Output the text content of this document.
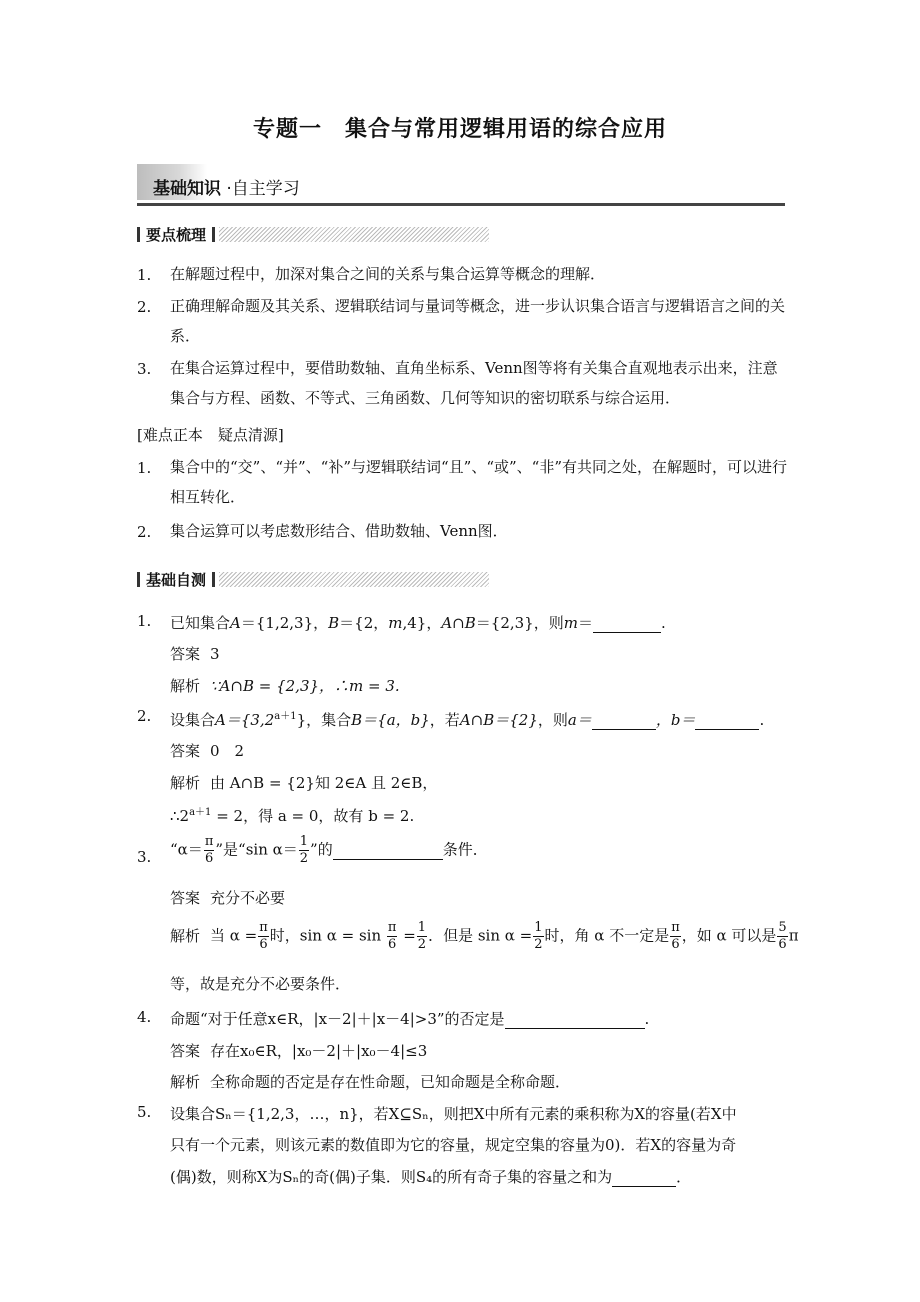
专题一　集合与常用逻辑用语的综合应用
基础知识 ·自主学习
要点梳理
1. 在解题过程中，加深对集合之间的关系与集合运算等概念的理解．
2. 正确理解命题及其关系、逻辑联结词与量词等概念，进一步认识集合语言与逻辑语言之间的关系．
3. 在集合运算过程中，要借助数轴、直角坐标系、Venn图等将有关集合直观地表示出来，注意集合与方程、函数、不等式、三角函数、几何等知识的密切联系与综合运用．
[难点正本　疑点清源]
1. 集合中的“交”、“并”、“补”与逻辑联结词“且”、“或”、“非”有共同之处，在解题时，可以进行相互转化．
2. 集合运算可以考虑数形结合、借助数轴、Venn图．
基础自测
1. 已知集合A＝{1,2,3}，B＝{2，m,4}，A∩B＝{2,3}，则m＝	.
答案 3
解析 ∵A∩B = {2,3}，∴m = 3.
2. 设集合$A=\{3,2^{a+1}\}$，集合B＝{a，b}，若A∩B＝{2}，则a＝	，b＝	.
答案 0　2
解析 由 A∩B = {2}知 2∈A 且 2∈B，
$\therefore 2^{a+1} = 2$，得 a = 0，故有 b = 2.
3. “$\alpha= \frac{\pi}{6}$ ”是“sin $\alpha= \frac{1}{2}$ ”的	条件．
答案 充分不必要
解析 当 $\alpha = \frac{\pi}{6}$ 时，$\sin \alpha = \sin \frac{\pi}{6} = \frac{1}{2}$ ．但是 $\sin \alpha = \frac{1}{2}$ 时，角 α 不一定是 $\frac{\pi}{6}$ ，如 α 可以是 $\frac{5}{6}$ π
等，故是充分不必要条件．
4. 命题“对于任意x∈R，|x－2|＋|x－4|>3”的否定是	.
答案 存在x₀∈R，|x₀－2|＋|x₀－4|≤3
解析 全称命题的否定是存在性命题，已知命题是全称命题．
5. 设集合Sₙ＝{1,2,3，…，n}，若X⊆Sₙ，则把X中所有元素的乘积称为X的容量(若X中
只有一个元素，则该元素的数值即为它的容量，规定空集的容量为0)．若X的容量为奇
(偶)数，则称X为Sₙ的奇(偶)子集．则S₄的所有奇子集的容量之和为	．
